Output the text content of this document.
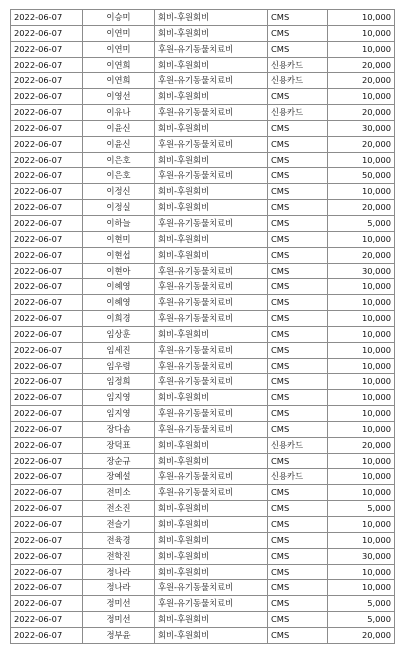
2022-06-07	이승미	회비-후원회비	CMS	10,000
2022-06-07	이연미	회비-후원회비	CMS	10,000
2022-06-07	이연미	후원-유기동물치료비	CMS	10,000
2022-06-07	이연희	회비-후원회비	신용카드	20,000
2022-06-07	이연희	후원-유기동물치료비	신용카드	20,000
2022-06-07	이영선	회비-후원회비	CMS	10,000
2022-06-07	이유나	후원-유기동물치료비	신용카드	20,000
2022-06-07	이윤신	회비-후원회비	CMS	30,000
2022-06-07	이윤신	후원-유기동물치료비	CMS	20,000
2022-06-07	이은호	회비-후원회비	CMS	10,000
2022-06-07	이은호	후원-유기동물치료비	CMS	50,000
2022-06-07	이정신	회비-후원회비	CMS	10,000
2022-06-07	이정실	회비-후원회비	CMS	20,000
2022-06-07	이하늘	후원-유기동물치료비	CMS	5,000
2022-06-07	이현미	회비-후원회비	CMS	10,000
2022-06-07	이현섭	회비-후원회비	CMS	20,000
2022-06-07	이현아	후원-유기동물치료비	CMS	30,000
2022-06-07	이혜영	후원-유기동물치료비	CMS	10,000
2022-06-07	이혜영	후원-유기동물치료비	CMS	10,000
2022-06-07	이희경	후원-유기동물치료비	CMS	10,000
2022-06-07	임상훈	회비-후원회비	CMS	10,000
2022-06-07	임세진	후원-유기동물치료비	CMS	10,000
2022-06-07	임우령	후원-유기동물치료비	CMS	10,000
2022-06-07	임정희	후원-유기동물치료비	CMS	10,000
2022-06-07	임지영	회비-후원회비	CMS	10,000
2022-06-07	임지영	후원-유기동물치료비	CMS	10,000
2022-06-07	장다솜	후원-유기동물치료비	CMS	10,000
2022-06-07	장덕표	회비-후원회비	신용카드	20,000
2022-06-07	장순규	회비-후원회비	CMS	10,000
2022-06-07	장예설	후원-유기동물치료비	신용카드	10,000
2022-06-07	전미소	후원-유기동물치료비	CMS	10,000
2022-06-07	전소진	회비-후원회비	CMS	5,000
2022-06-07	전슬기	회비-후원회비	CMS	10,000
2022-06-07	전육경	회비-후원회비	CMS	10,000
2022-06-07	전학진	회비-후원회비	CMS	30,000
2022-06-07	정나라	회비-후원회비	CMS	10,000
2022-06-07	정나라	후원-유기동물치료비	CMS	10,000
2022-06-07	정미선	후원-유기동물치료비	CMS	5,000
2022-06-07	정미선	회비-후원회비	CMS	5,000
2022-06-07	정부윤	회비-후원회비	CMS	20,000
